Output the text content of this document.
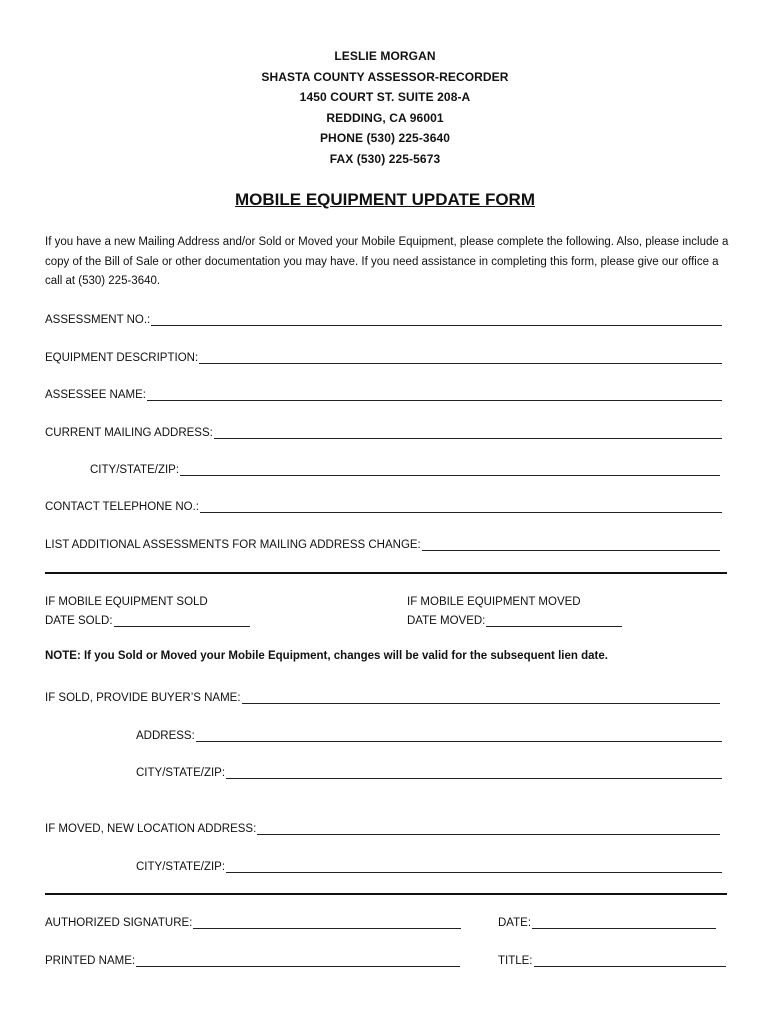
LESLIE MORGAN
SHASTA COUNTY ASSESSOR-RECORDER
1450 COURT ST. SUITE 208-A
REDDING, CA 96001
PHONE (530) 225-3640
FAX (530) 225-5673
MOBILE EQUIPMENT UPDATE FORM
If you have a new Mailing Address and/or Sold or Moved your Mobile Equipment, please complete the following. Also, please include a copy of the Bill of Sale or other documentation you may have. If you need assistance in completing this form, please give our office a call at (530) 225-3640.
ASSESSMENT NO.:
EQUIPMENT DESCRIPTION:
ASSESSEE NAME:
CURRENT MAILING ADDRESS:
CITY/STATE/ZIP:
CONTACT TELEPHONE NO.:
LIST ADDITIONAL ASSESSMENTS FOR MAILING ADDRESS CHANGE:
IF MOBILE EQUIPMENT SOLD
DATE SOLD:
IF MOBILE EQUIPMENT MOVED
DATE MOVED:
NOTE: If you Sold or Moved your Mobile Equipment, changes will be valid for the subsequent lien date.
IF SOLD, PROVIDE BUYER’S NAME:
ADDRESS:
CITY/STATE/ZIP:
IF MOVED, NEW LOCATION ADDRESS:
CITY/STATE/ZIP:
AUTHORIZED SIGNATURE:	DATE:
PRINTED NAME:	TITLE:
